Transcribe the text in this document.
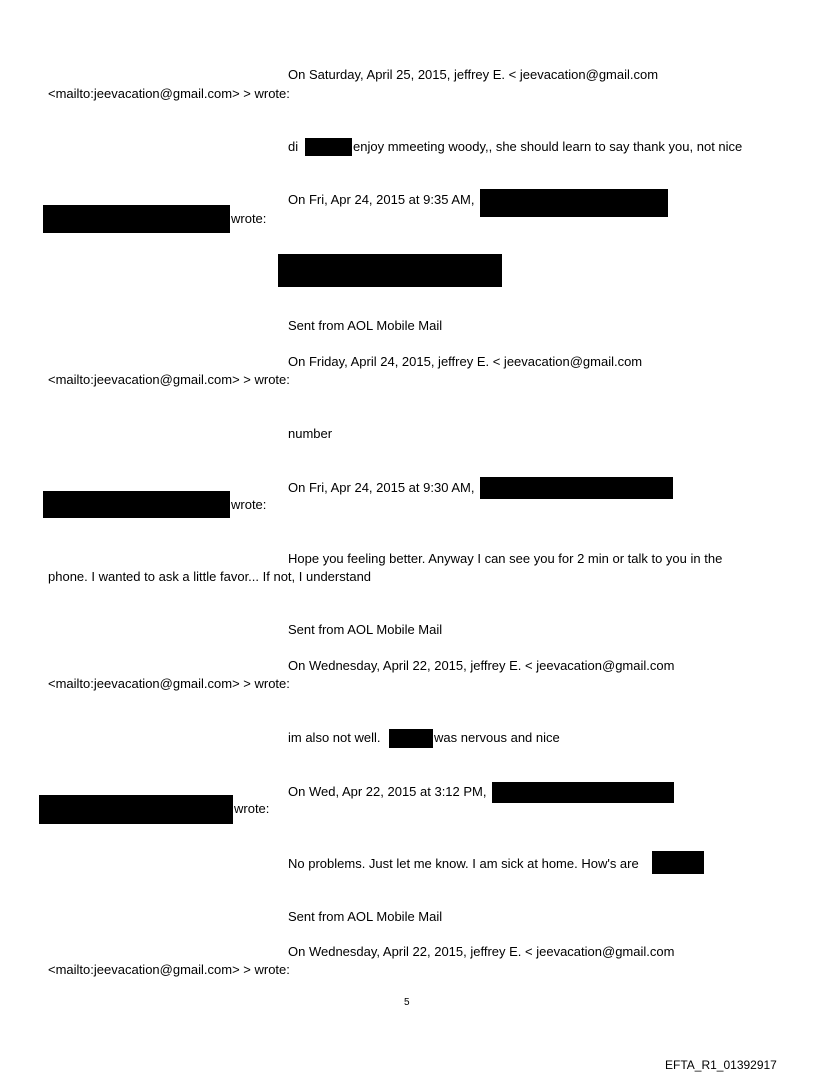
On Saturday, April 25, 2015, jeffrey E. < jeevacation@gmail.com
<mailto:jeevacation@gmail.com> > wrote:
di	enjoy mmeeting woody,, she should learn to say thank you, not nice
On Fri, Apr 24, 2015 at 9:35 AM,
wrote:
Sent from AOL Mobile Mail
On Friday, April 24, 2015, jeffrey E. < jeevacation@gmail.com
<mailto:jeevacation@gmail.com> > wrote:
number
On Fri, Apr 24, 2015 at 9:30 AM,
wrote:
Hope you feeling better. Anyway I can see you for 2 min or talk to you in the
phone. I wanted to ask a little favor... If not, I understand
Sent from AOL Mobile Mail
On Wednesday, April 22, 2015, jeffrey E. < jeevacation@gmail.com
<mailto:jeevacation@gmail.com> > wrote:
im also not well.	was nervous and nice
On Wed, Apr 22, 2015 at 3:12 PM,
wrote:
No problems. Just let me know. I am sick at home. How's are
Sent from AOL Mobile Mail
On Wednesday, April 22, 2015, jeffrey E. < jeevacation@gmail.com
<mailto:jeevacation@gmail.com> > wrote:
5
EFTA_R1_01392917
